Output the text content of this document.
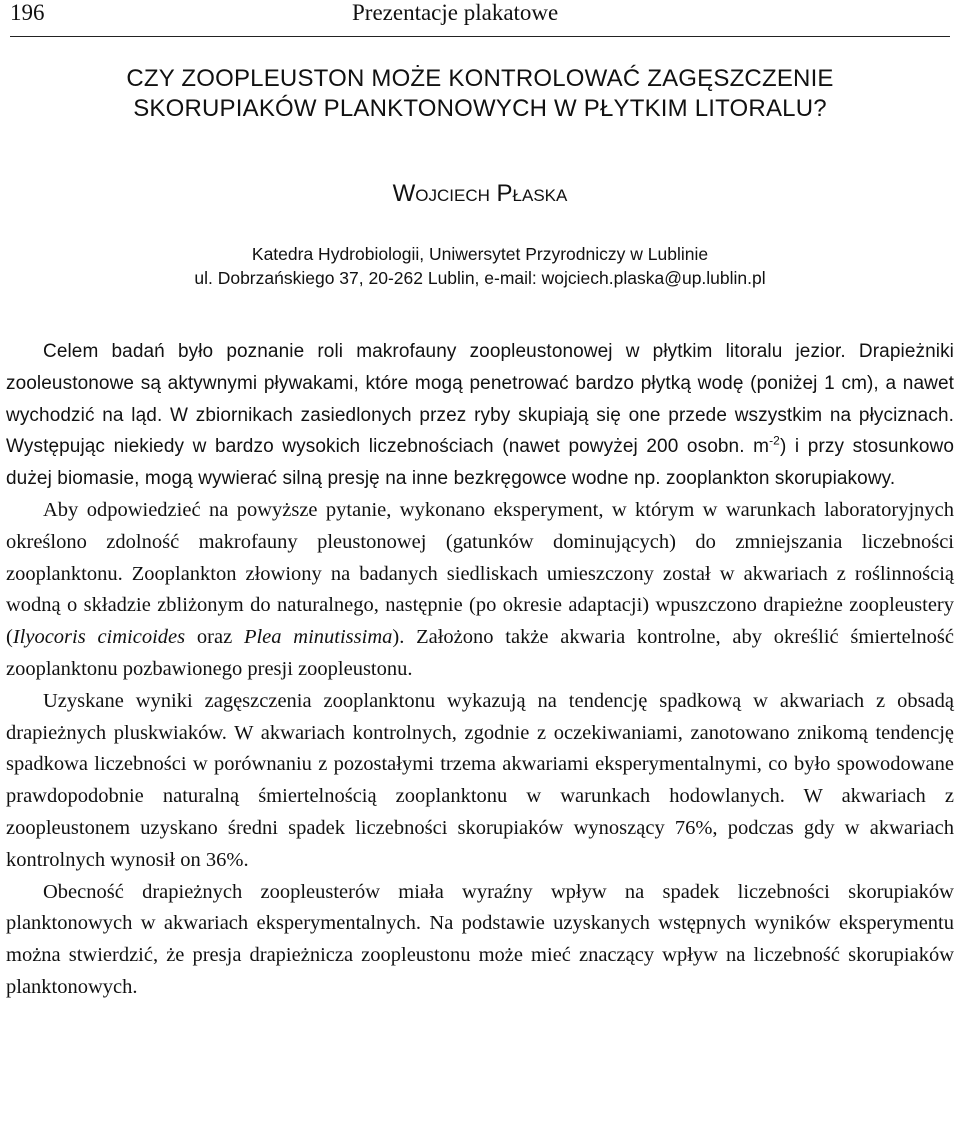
196	Prezentacje plakatowe
CZY ZOOPLEUSTON MOŻE KONTROLOWAĆ ZAGĘSZCZENIE
SKORUPIAKÓW PLANKTONOWYCH W PŁYTKIM LITORALU?
Wojciech Płaska
Katedra Hydrobiologii, Uniwersytet Przyrodniczy w Lublinie
ul. Dobrzańskiego 37, 20-262 Lublin, e-mail: wojciech.plaska@up.lublin.pl

Celem badań było poznanie roli makrofauny zoopleustonowej w płytkim litoralu jezior. Drapieżniki zooleustonowe są aktywnymi pływakami, które mogą penetrować bardzo płytką wodę (poniżej 1 cm), a nawet wychodzić na ląd. W zbiornikach zasiedlonych przez ryby skupiają się one przede wszystkim na płyciznach. Występując niekiedy w bardzo wysokich liczebnościach (nawet powyżej 200 osobn. $m^{-2}$) i przy stosunkowo dużej biomasie, mogą wywierać silną presję na inne bezkręgowce wodne np. zooplankton skorupiakowy.

Aby odpowiedzieć na powyższe pytanie, wykonano eksperyment, w którym w warunkach laboratoryjnych określono zdolność makrofauny pleustonowej (gatunków dominujących) do zmniejszania liczebności zooplanktonu. Zooplankton złowiony na badanych siedliskach umieszczony został w akwariach z roślinnością wodną o składzie zbliżonym do naturalnego, następnie (po okresie adaptacji) wpuszczono drapieżne zoopleustery (Ilyocoris cimicoides oraz Plea minutissima). Założono także akwaria kontrolne, aby określić śmiertelność zooplanktonu pozbawionego presji zoopleustonu.

Uzyskane wyniki zagęszczenia zooplanktonu wykazują na tendencję spadkową w akwariach z obsadą drapieżnych pluskwiaków. W akwariach kontrolnych, zgodnie z oczekiwaniami, zanotowano znikomą tendencję spadkowa liczebności w porównaniu z pozostałymi trzema akwariami eksperymentalnymi, co było spowodowane prawdopodobnie naturalną śmiertelnością zooplanktonu w warunkach hodowlanych. W akwariach z zoopleustonem uzyskano średni spadek liczebności skorupiaków wynoszący 76%, podczas gdy w akwariach kontrolnych wynosił on 36%.

Obecność drapieżnych zoopleusterów miała wyraźny wpływ na spadek liczebności skorupiaków planktonowych w akwariach eksperymentalnych. Na podstawie uzyskanych wstępnych wyników eksperymentu można stwierdzić, że presja drapieżnicza zoopleustonu może mieć znaczący wpływ na liczebność skorupiaków planktonowych.
